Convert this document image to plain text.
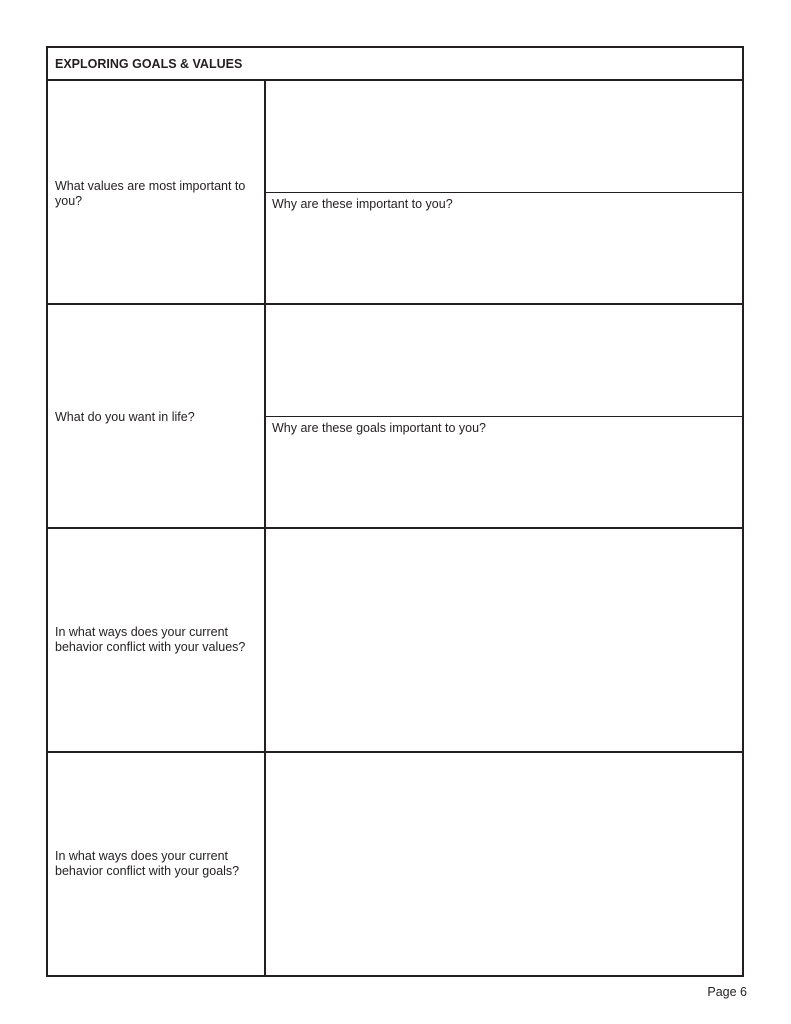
EXPLORING GOALS & VALUES
What values are most important to you?	Why are these important to you?
What do you want in life?
Why are these goals important to you?
In what ways does your current behavior conflict with your values?
In what ways does your current behavior conflict with your goals?
Page 6
